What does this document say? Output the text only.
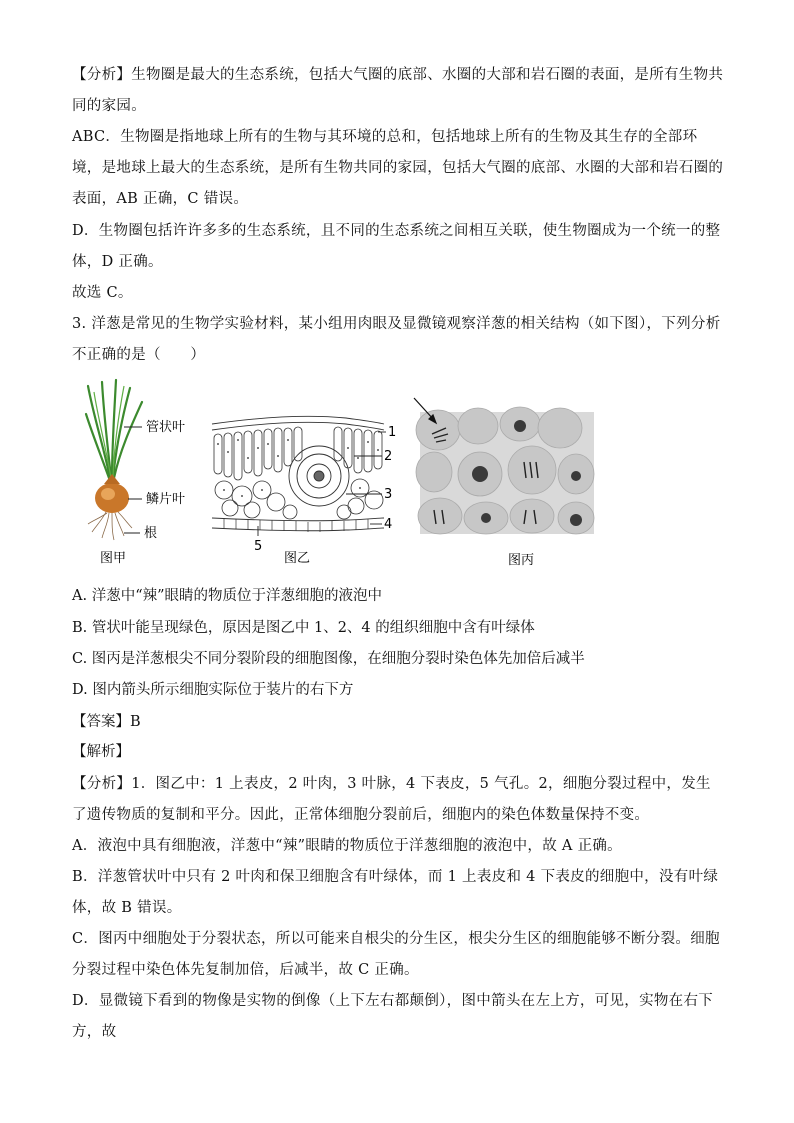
【分析】生物圈是最大的生态系统，包括大气圈的底部、水圈的大部和岩石圈的表面，是所有生物共同的家园。
ABC．生物圈是指地球上所有的生物与其环境的总和，包括地球上所有的生物及其生存的全部环境，是地球上最大的生态系统，是所有生物共同的家园，包括大气圈的底部、水圈的大部和岩石圈的表面，AB 正确，C 错误。
D．生物圈包括许许多多的生态系统，且不同的生态系统之间相互关联，使生物圈成为一个统一的整体，D 正确。
故选 C。
3. 洋葱是常见的生物学实验材料，某小组用肉眼及显微镜观察洋葱的相关结构（如下图），下列分析不正确的是（　　）
管状叶
鳞片叶
根
1
2
3
4
5
图甲	图乙	图丙
A. 洋葱中“辣”眼睛的物质位于洋葱细胞的液泡中
B. 管状叶能呈现绿色，原因是图乙中 1、2、4 的组织细胞中含有叶绿体
C. 图丙是洋葱根尖不同分裂阶段的细胞图像，在细胞分裂时染色体先加倍后减半
D. 图内箭头所示细胞实际位于装片的右下方
【答案】B
【解析】
【分析】1．图乙中：1 上表皮，2 叶肉，3 叶脉，4 下表皮，5 气孔。2，细胞分裂过程中，发生了遗传物质的复制和平分。因此，正常体细胞分裂前后，细胞内的染色体数量保持不变。
A．液泡中具有细胞液，洋葱中“辣”眼睛的物质位于洋葱细胞的液泡中，故 A 正确。
B．洋葱管状叶中只有 2 叶肉和保卫细胞含有叶绿体，而 1 上表皮和 4 下表皮的细胞中，没有叶绿体，故 B 错误。
C．图丙中细胞处于分裂状态，所以可能来自根尖的分生区，根尖分生区的细胞能够不断分裂。细胞分裂过程中染色体先复制加倍，后减半，故 C 正确。
D．显微镜下看到的物像是实物的倒像（上下左右都颠倒），图中箭头在左上方，可见，实物在右下方，故
